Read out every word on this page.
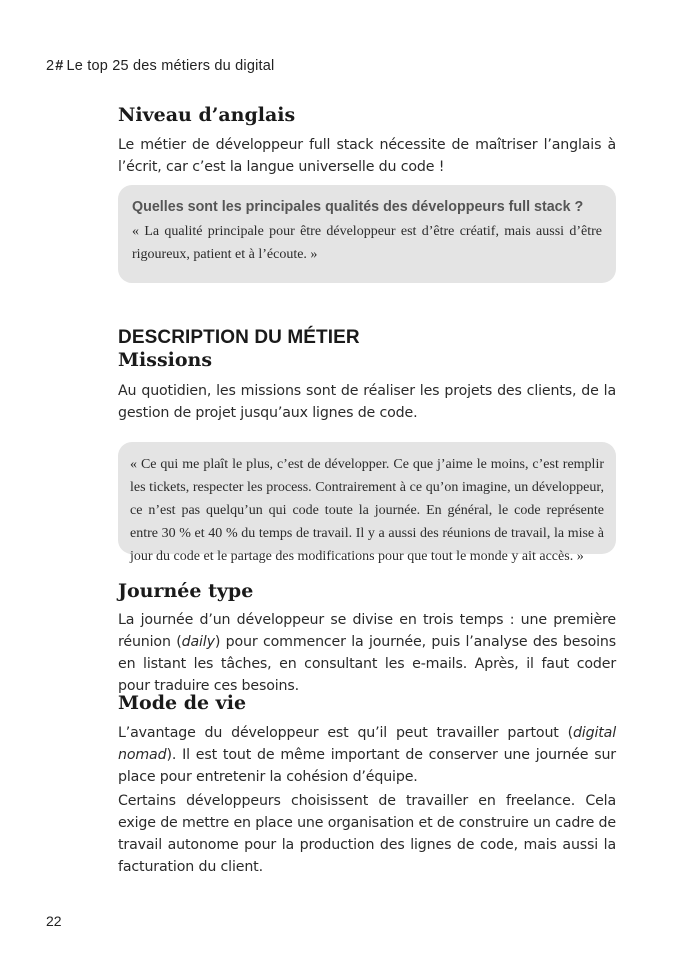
2# Le top 25 des métiers du digital
Niveau d’anglais

Le métier de développeur full stack nécessite de maîtriser l’anglais à l’écrit, car c’est la langue universelle du code !

Quelles sont les principales qualités des développeurs full stack ?

« La qualité principale pour être développeur est d’être créatif, mais aussi d’être rigoureux, patient et à l’écoute. »

DESCRIPTION DU MÉTIER
Missions

Au quotidien, les missions sont de réaliser les projets des clients, de la gestion de projet jusqu’aux lignes de code.

« Ce qui me plaît le plus, c’est de développer. Ce que j’aime le moins, c’est remplir les tickets, respecter les process. Contrairement à ce qu’on imagine, un développeur, ce n’est pas quelqu’un qui code toute la journée. En général, le code représente entre 30 % et 40 % du temps de travail. Il y a aussi des réunions de travail, la mise à jour du code et le partage des modifications pour que tout le monde y ait accès. »

Journée type

La journée d’un développeur se divise en trois temps : une première réunion (daily) pour commencer la journée, puis l’analyse des besoins en listant les tâches, en consultant les e-mails. Après, il faut coder pour traduire ces besoins.

Mode de vie

L’avantage du développeur est qu’il peut travailler partout (digital nomad). Il est tout de même important de conserver une journée sur place pour entretenir la cohésion d’équipe.

Certains développeurs choisissent de travailler en freelance. Cela exige de mettre en place une organisation et de construire un cadre de travail autonome pour la production des lignes de code, mais aussi la facturation du client.

22
